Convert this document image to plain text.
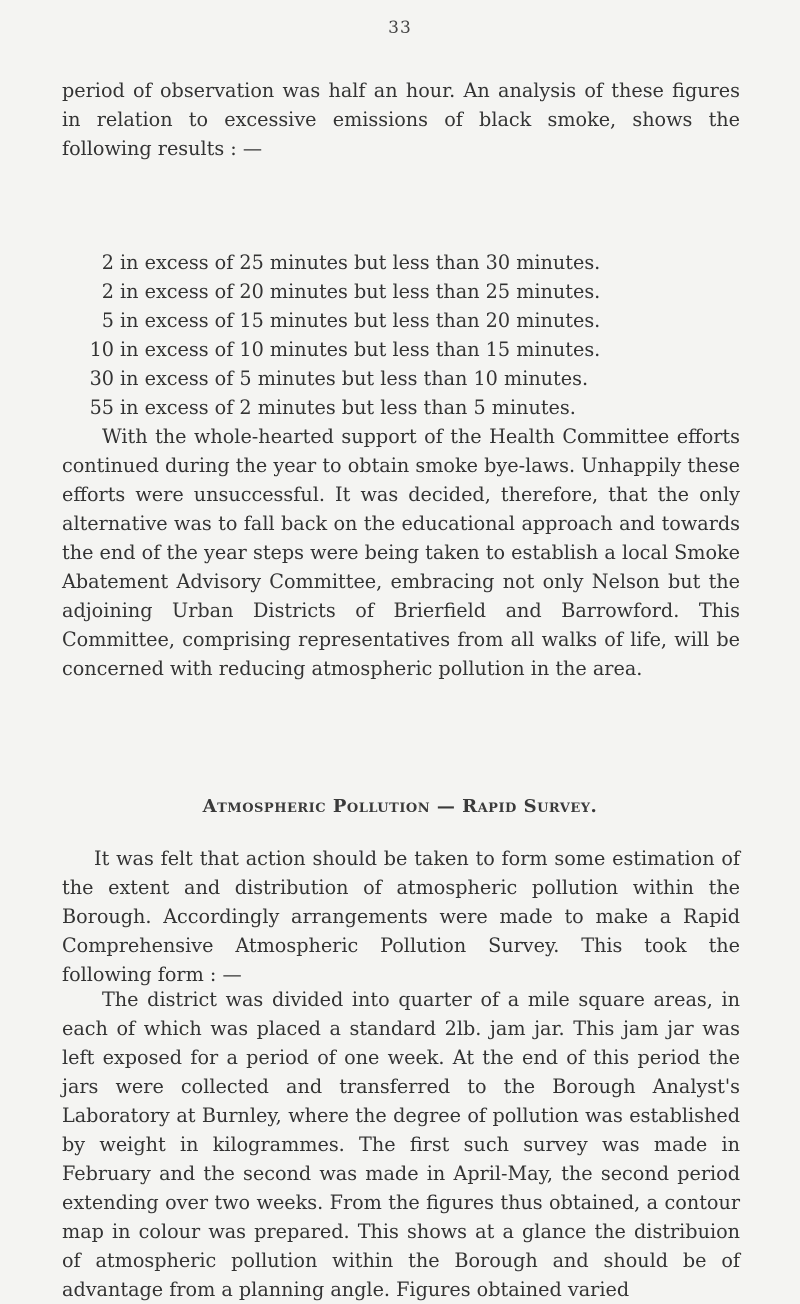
33

period of observation was half an hour. An analysis of these figures in relation to excessive emissions of black smoke, shows the following results : —

2 in excess of 25 minutes but less than 30 minutes.
2 in excess of 20 minutes but less than 25 minutes.
5 in excess of 15 minutes but less than 20 minutes.
10 in excess of 10 minutes but less than 15 minutes.
30 in excess of 5 minutes but less than 10 minutes.
55 in excess of 2 minutes but less than 5 minutes.

With the whole-hearted support of the Health Committee efforts continued during the year to obtain smoke bye-laws. Unhappily these efforts were unsuccessful. It was decided, therefore, that the only alternative was to fall back on the educational approach and towards the end of the year steps were being taken to establish a local Smoke Abatement Advisory Committee, embracing not only Nelson but the adjoining Urban Districts of Brierfield and Barrowford. This Committee, comprising representatives from all walks of life, will be concerned with reducing atmospheric pollution in the area.

Atmospheric Pollution — Rapid Survey.

It was felt that action should be taken to form some estimation of the extent and distribution of atmospheric pollution within the Borough. Accordingly arrangements were made to make a Rapid Comprehensive Atmospheric Pollution Survey. This took the following form : —

The district was divided into quarter of a mile square areas, in each of which was placed a standard 2lb. jam jar. This jam jar was left exposed for a period of one week. At the end of this period the jars were collected and transferred to the Borough Analyst's Laboratory at Burnley, where the degree of pollution was established by weight in kilogrammes. The first such survey was made in February and the second was made in April-May, the second period extending over two weeks. From the figures thus obtained, a contour map in colour was prepared. This shows at a glance the distribuion of atmospheric pollution within the Borough and should be of advantage from a planning angle. Figures obtained varied
